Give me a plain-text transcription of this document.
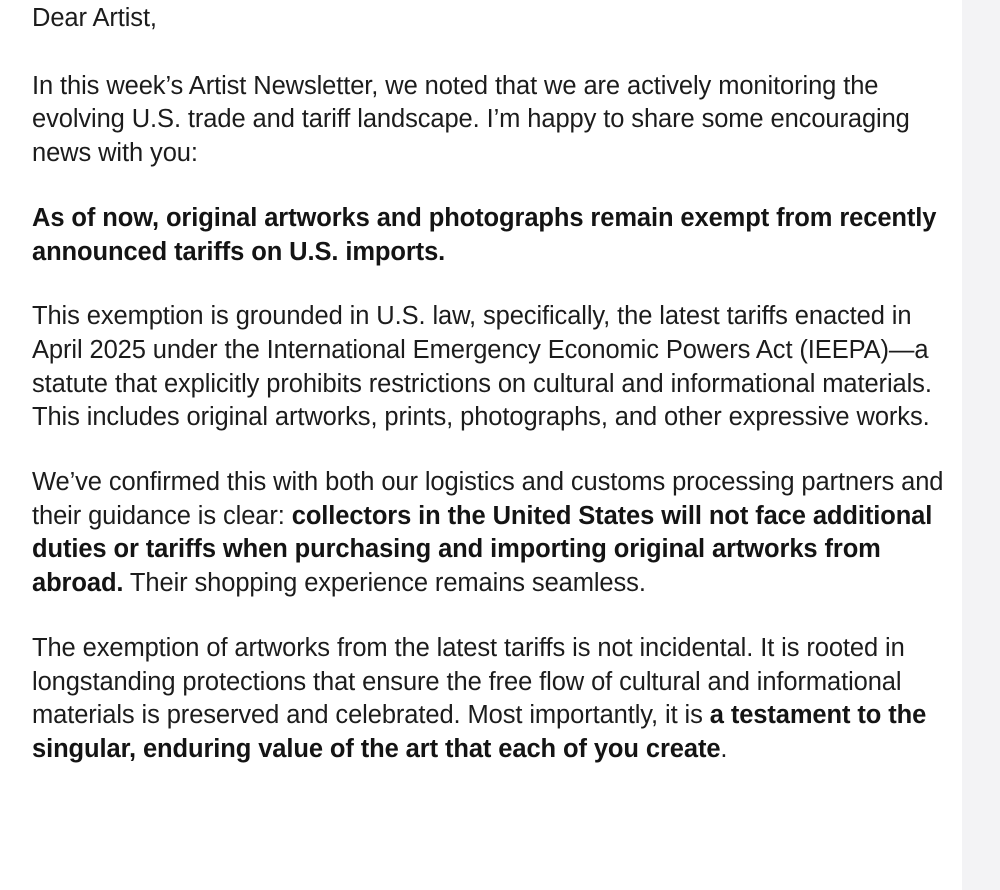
Dear Artist,

In this week’s Artist Newsletter, we noted that we are actively monitoring the evolving U.S. trade and tariff landscape. I’m happy to share some encouraging news with you:

As of now, original artworks and photographs remain exempt from recently announced tariffs on U.S. imports.

This exemption is grounded in U.S. law, specifically, the latest tariffs enacted in April 2025 under the International Emergency Economic Powers Act (IEEPA)—a statute that explicitly prohibits restrictions on cultural and informational materials. This includes original artworks, prints, photographs, and other expressive works.

We’ve confirmed this with both our logistics and customs processing partners and their guidance is clear: collectors in the United States will not face additional duties or tariffs when purchasing and importing original artworks from abroad. Their shopping experience remains seamless.

The exemption of artworks from the latest tariffs is not incidental. It is rooted in longstanding protections that ensure the free flow of cultural and informational materials is preserved and celebrated. Most importantly, it is a testament to the singular, enduring value of the art that each of you create.
